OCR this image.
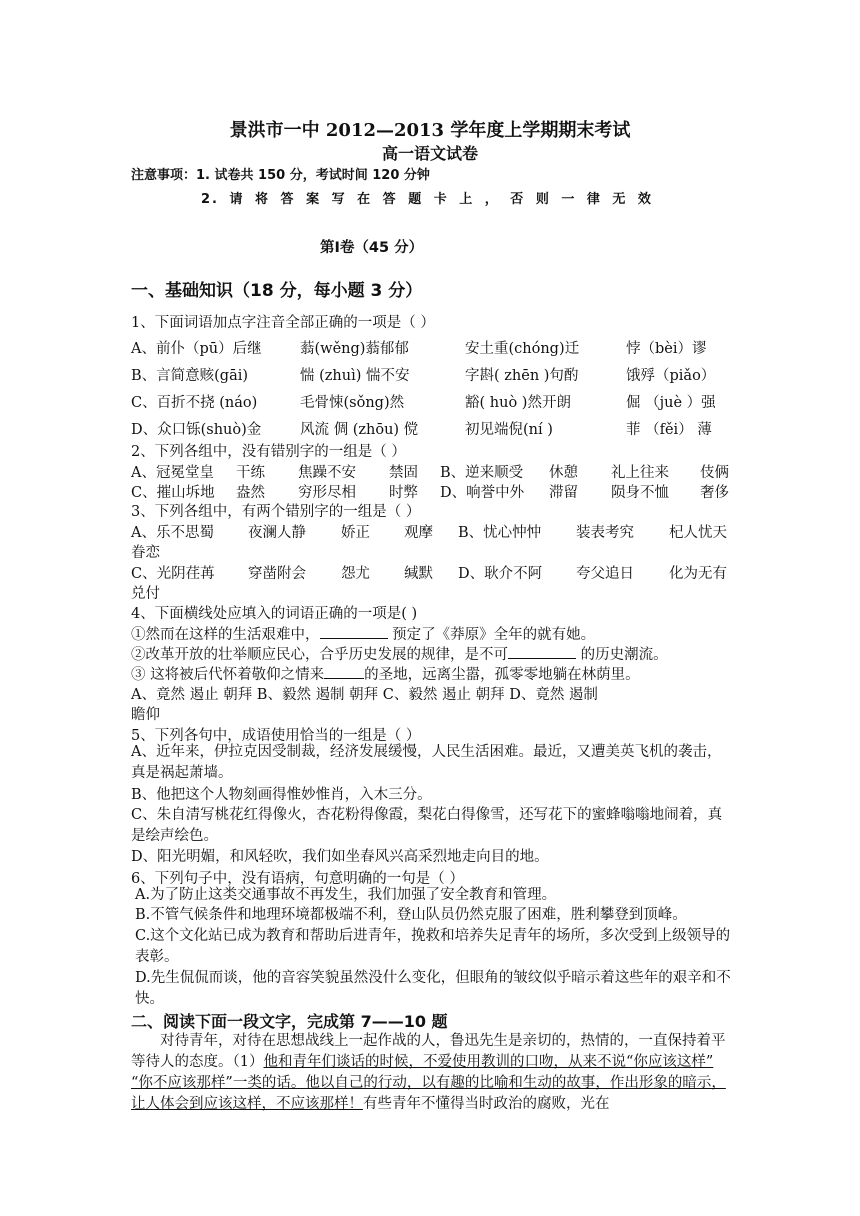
景洪市一中 2012—2013 学年度上学期期末考试
高一语文试卷
注意事项：1. 试卷共 150 分，考试时间 120 分钟
2. 请 将 答 案 写 在 答 题 卡 上 ， 否 则 一 律 无 效
第Ⅰ卷（45 分）
一、基础知识（18 分，每小题 3 分）
1、下面词语加点字注音全部正确的一项是（ ）
A、前仆（pū）后继	蓊(wěng)蓊郁郁	安土重(chóng)迁	悖（bèi）谬
B、言简意赅(gāi)	惴 (zhuì) 惴不安	字斟( zhēn )句酌	饿殍（piǎo）
C、百折不挠 (náo)	毛骨悚(sǒng)然	豁( huò )然开朗	倔 （juè ）强
D、众口铄(shuò)金	风流 倜 (zhōu) 傥	初见端倪(ní )	菲 （fěi） 薄
2、下列各组中，没有错别字的一组是（ ）
A、冠冕堂皇 干练 焦躁不安 禁固 B、逆来顺受 休憩 礼上往来 伎俩
C、摧山坼地 盎然 穷形尽相 时弊 D、响誉中外 滞留 陨身不恤 奢侈
3、下列各组中，有两个错别字的一组是（ ）
A、乐不思蜀 夜澜人静 娇正 观摩 B、忧心忡忡 装表考究 杞人忧天
眷恋
C、光阴荏苒 穿凿附会 怨尤 缄默 D、耿介不阿 夸父追日 化为无有
兑付
4、下面横线处应填入的词语正确的一项是( )
①然而在这样的生活艰难中，	预定了《莽原》全年的就有她。
②改革开放的壮举顺应民心，合乎历史发展的规律，是不可	的历史潮流。
③ 这将被后代怀着敬仰之情来	的圣地，远离尘嚣，孤零零地躺在林荫里。
A、竟然 遏止 朝拜 B、毅然 遏制 朝拜 C、毅然 遏止 朝拜 D、竟然 遏制
瞻仰
5、下列各句中，成语使用恰当的一组是（ ）
A、近年来，伊拉克因受制裁，经济发展缓慢，人民生活困难。最近，又遭美英飞机的袭击，真是祸起萧墙。
B、他把这个人物刻画得惟妙惟肖，入木三分。
C、朱自清写桃花红得像火，杏花粉得像霞，梨花白得像雪，还写花下的蜜蜂嗡嗡地闹着，真是绘声绘色。
D、阳光明媚，和风轻吹，我们如坐春风兴高采烈地走向目的地。
6、下列句子中，没有语病，句意明确的一句是（ ）
A.为了防止这类交通事故不再发生，我们加强了安全教育和管理。
B.不管气候条件和地理环境都极端不利，登山队员仍然克服了困难，胜利攀登到顶峰。
C.这个文化站已成为教育和帮助后进青年，挽救和培养失足青年的场所，多次受到上级领导的表彰。
D.先生侃侃而谈，他的音容笑貌虽然没什么变化，但眼角的皱纹似乎暗示着这些年的艰辛和不快。
二、阅读下面一段文字，完成第 7——10 题
对待青年，对待在思想战线上一起作战的人，鲁迅先生是亲切的，热情的，一直保持着平等待人的态度。（1）他和青年们谈话的时候，不爱使用教训的口吻，从来不说“你应该这样” “你不应该那样”一类的话。他以自己的行动，以有趣的比喻和生动的故事，作出形象的暗示，让人体会到应该这样，不应该那样！有些青年不懂得当时政治的腐败，光在
